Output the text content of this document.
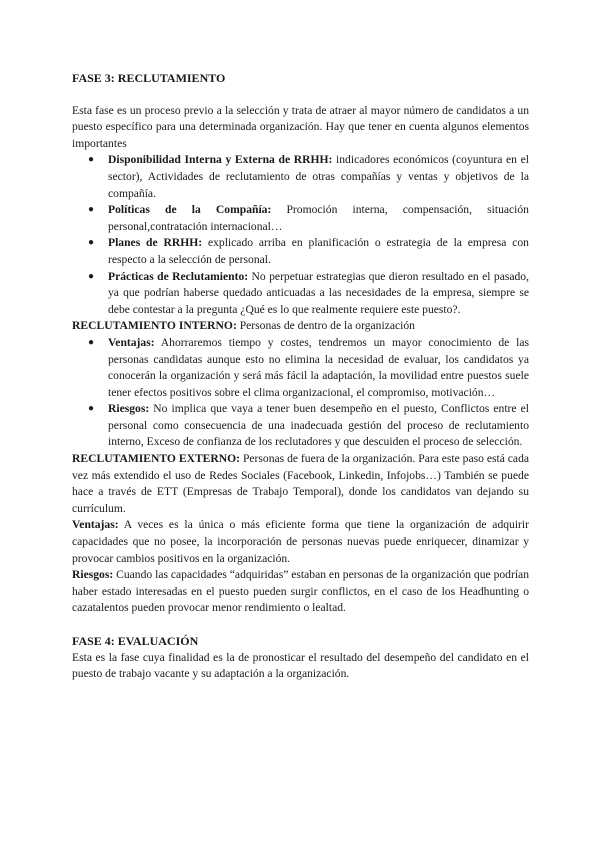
FASE 3: RECLUTAMIENTO

Esta fase es un proceso previo a la selección y trata de atraer al mayor número de candidatos a un puesto específico para una determinada organización. Hay que tener en cuenta algunos elementos importantes

● Disponibilidad Interna y Externa de RRHH: indicadores económicos (coyuntura en el sector), Actividades de reclutamiento de otras compañías y ventas y objetivos de la compañía.
● Políticas de la Compañía: Promoción interna, compensación, situación personal,contratación internacional…
● Planes de RRHH: explicado arriba en planificación o estrategia de la empresa con respecto a la selección de personal.
● Prácticas de Reclutamiento: No perpetuar estrategias que dieron resultado en el pasado, ya que podrían haberse quedado anticuadas a las necesidades de la empresa, siempre se debe contestar a la pregunta ¿Qué es lo que realmente requiere este puesto?.

RECLUTAMIENTO INTERNO: Personas de dentro de la organización

● Ventajas: Ahorraremos tiempo y costes, tendremos un mayor conocimiento de las personas candidatas aunque esto no elimina la necesidad de evaluar, los candidatos ya conocerán la organización y será más fácil la adaptación, la movilidad entre puestos suele tener efectos positivos sobre el clima organizacional, el compromiso, motivación…
● Riesgos: No implica que vaya a tener buen desempeño en el puesto, Conflictos entre el personal como consecuencia de una inadecuada gestión del proceso de reclutamiento interno, Exceso de confianza de los reclutadores y que descuiden el proceso de selección.

RECLUTAMIENTO EXTERNO: Personas de fuera de la organización. Para este paso está cada vez más extendido el uso de Redes Sociales (Facebook, Linkedin, Infojobs…) También se puede hace a través de ETT (Empresas de Trabajo Temporal), donde los candidatos van dejando su currículum.

Ventajas: A veces es la única o más eficiente forma que tiene la organización de adquirir capacidades que no posee, la incorporación de personas nuevas puede enriquecer, dinamizar y provocar cambios positivos en la organización.

Riesgos: Cuando las capacidades “adquiridas” estaban en personas de la organización que podrían haber estado interesadas en el puesto pueden surgir conflictos, en el caso de los Headhunting o cazatalentos pueden provocar menor rendimiento o lealtad.

FASE 4: EVALUACIÓN

Esta es la fase cuya finalidad es la de pronosticar el resultado del desempeño del candidato en el puesto de trabajo vacante y su adaptación a la organización.
